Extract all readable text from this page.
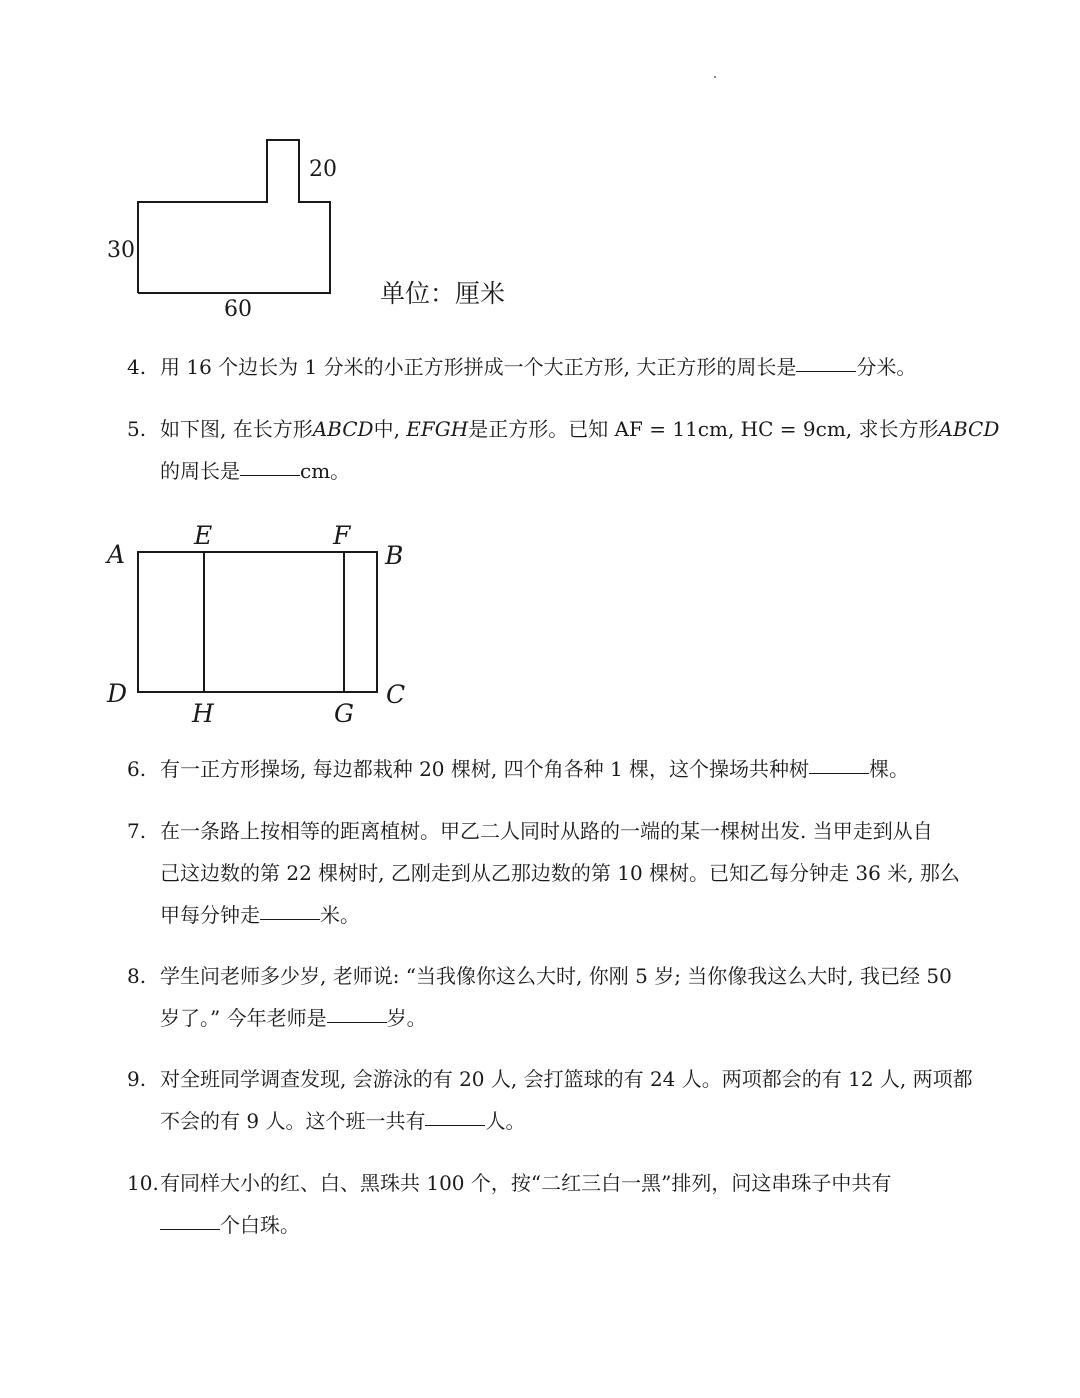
20
30
60
单位：厘米
4. 用 16 个边长为 1 分米的小正方形拼成一个大正方形, 大正方形的周长是	分米。
5. 如下图, 在长方形ABCD中, EFGH是正方形。已知 AF = 11cm, HC = 9cm, 求长方形ABCD
的周长是	cm。
A
E	F
B
D
H	G
C
6. 有一正方形操场, 每边都栽种 20 棵树, 四个角各种 1 棵，这个操场共种树	棵。
7. 在一条路上按相等的距离植树。甲乙二人同时从路的一端的某一棵树出发. 当甲走到从自
己这边数的第 22 棵树时, 乙刚走到从乙那边数的第 10 棵树。已知乙每分钟走 36 米, 那么
甲每分钟走	米。
8. 学生问老师多少岁, 老师说: “当我像你这么大时, 你刚 5 岁; 当你像我这么大时, 我已经 50
岁了。” 今年老师是	岁。
9. 对全班同学调查发现, 会游泳的有 20 人, 会打篮球的有 24 人。两项都会的有 12 人, 两项都
不会的有 9 人。这个班一共有	人。
10.有同样大小的红、白、黑珠共 100 个，按“二红三白一黑”排列，问这串珠子中共有
个白珠。
